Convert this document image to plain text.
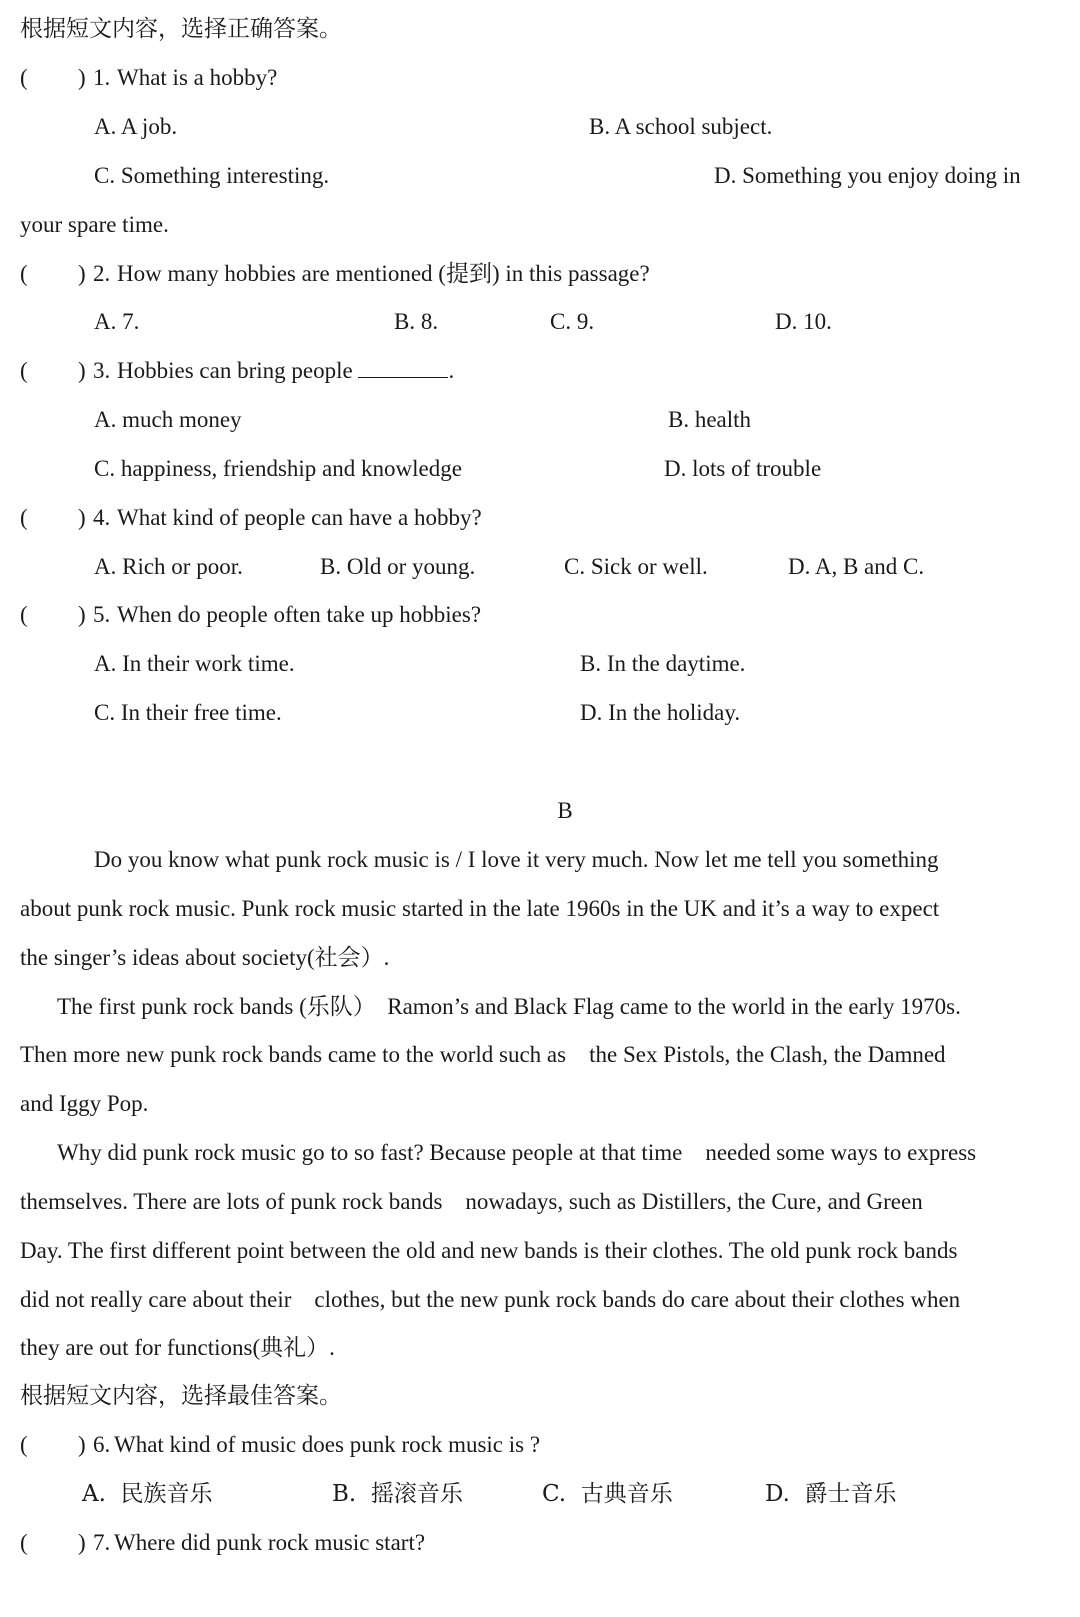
根据短文内容，选择正确答案。
( ) 1. What is a hobby?
A. A job.	B. A school subject.
C. Something interesting.	D. Something you enjoy doing in
your spare time.
( ) 2. How many hobbies are mentioned (提到) in this passage?
A. 7.	B. 8.	C. 9.	D. 10.
( ) 3. Hobbies can bring people	.
A. much money	B. health
C. happiness, friendship and knowledge	D. lots of trouble
( ) 4. What kind of people can have a hobby?
A. Rich or poor.	B. Old or young.	C. Sick or well.	D. A, B and C.
( ) 5. When do people often take up hobbies?
A. In their work time.	B. In the daytime.
C. In their free time.	D. In the holiday.
B
Do you know what punk rock music is / I love it very much. Now let me tell you something
about punk rock music. Punk rock music started in the late 1960s in the UK and it’s a way to expect
the singer’s ideas about society(社会）.
The first punk rock bands (乐队）  Ramon’s and Black Flag came to the world in the early 1970s.
Then more new punk rock bands came to the world such as    the Sex Pistols, the Clash, the Damned
and Iggy Pop.
Why did punk rock music go to so fast? Because people at that time    needed some ways to express
themselves. There are lots of punk rock bands    nowadays, such as Distillers, the Cure, and Green
Day. The first different point between the old and new bands is their clothes. The old punk rock bands
did not really care about their    clothes, but the new punk rock bands do care about their clothes when
they are out for functions(典礼）.
根据短文内容，选择最佳答案。
( ) 6. What kind of music does punk rock music is ?
A.  民族音乐	B.  摇滚音乐	C.  古典音乐	D.  爵士音乐
( ) 7. Where did punk rock music start?
